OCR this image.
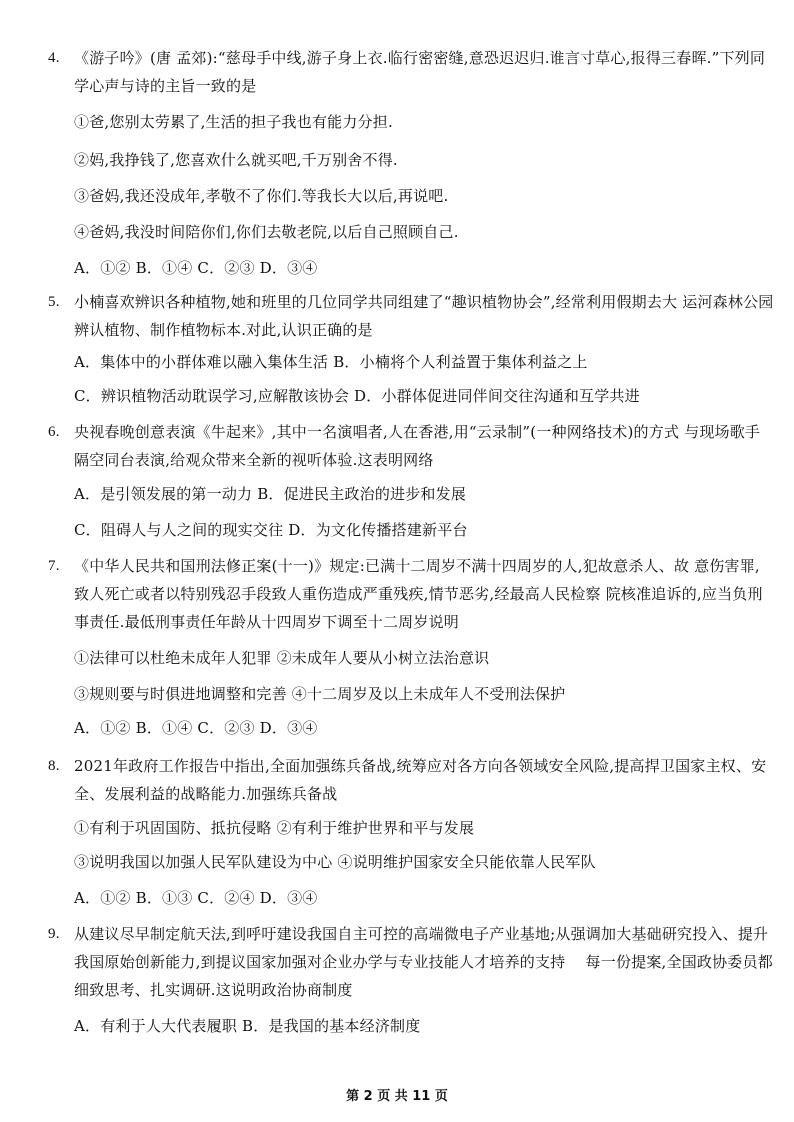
4. 《游子吟》(唐 孟郊):“慈母手中线,游子身上衣.临行密密缝,意恐迟迟归.谁言寸草心,报得三春晖.”下列同学心声与诗的主旨一致的是
①爸,您别太劳累了,生活的担子我也有能力分担.
②妈,我挣钱了,您喜欢什么就买吧,千万别舍不得.
③爸妈,我还没成年,孝敬不了你们.等我长大以后,再说吧.
④爸妈,我没时间陪你们,你们去敬老院,以后自己照顾自己.
A．①② B．①④ C．②③ D．③④
5. 小楠喜欢辨识各种植物,她和班里的几位同学共同组建了“趣识植物协会”,经常利用假期去大 运河森林公园辨认植物、制作植物标本.对此,认识正确的是
A．集体中的小群体难以融入集体生活 B．小楠将个人利益置于集体利益之上
C．辨识植物活动耽误学习,应解散该协会 D．小群体促进同伴间交往沟通和互学共进
6. 央视春晚创意表演《牛起来》,其中一名演唱者,人在香港,用“云录制”(一种网络技术)的方式 与现场歌手隔空同台表演,给观众带来全新的视听体验.这表明网络
A．是引领发展的第一动力 B．促进民主政治的进步和发展
C．阻碍人与人之间的现实交往 D．为文化传播搭建新平台
7. 《中华人民共和国刑法修正案(十一)》规定:已满十二周岁不满十四周岁的人,犯故意杀人、故 意伤害罪,致人死亡或者以特别残忍手段致人重伤造成严重残疾,情节恶劣,经最高人民检察 院核准追诉的,应当负刑事责任.最低刑事责任年龄从十四周岁下调至十二周岁说明
①法律可以杜绝未成年人犯罪 ②未成年人要从小树立法治意识
③规则要与时俱进地调整和完善 ④十二周岁及以上未成年人不受刑法保护
A．①② B．①④ C．②③ D．③④
8. 2021年政府工作报告中指出,全面加强练兵备战,统筹应对各方向各领域安全风险,提高捍卫国家主权、安全、发展利益的战略能力.加强练兵备战
①有利于巩固国防、抵抗侵略 ②有利于维护世界和平与发展
③说明我国以加强人民军队建设为中心 ④说明维护国家安全只能依靠人民军队
A．①② B．①③ C．②④ D．③④
9. 从建议尽早制定航天法,到呼吁建设我国自主可控的高端微电子产业基地;从强调加大基础研究投入、提升我国原始创新能力,到提议国家加强对企业办学与专业技能人才培养的支持　 每一份提案,全国政协委员都细致思考、扎实调研.这说明政治协商制度
A．有利于人大代表履职 B．是我国的基本经济制度
第 2 页 共 11 页
